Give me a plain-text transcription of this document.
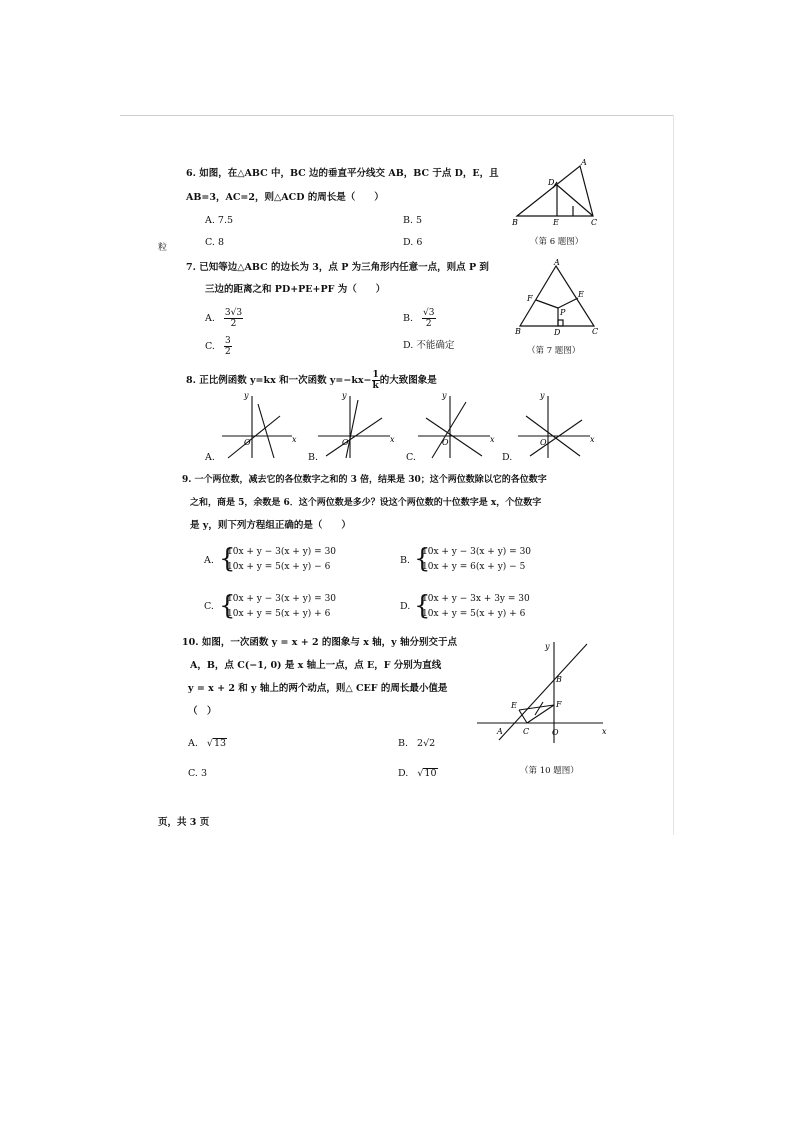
粒
6. 如图，在△ABC 中，BC 边的垂直平分线交 AB，BC 于点 D，E，且
AB=3，AC=2，则△ACD 的周长是（　　）
A. 7.5	B. 5
C. 8	D. 6
A
D
B	E	C
（第 6 题图）
7. 已知等边△ABC 的边长为 3，点 P 为三角形内任意一点，则点 P 到
三边的距离之和 PD+PE+PF 为（　　）
A. $\frac{3√3}{2}$	B. $\frac{√3}{2}$
C. $\frac{3}{2}$	D. 不能确定
A
E
F
P
B	D	C
（第 7 题图）
8. 正比例函数 y=kx 和一次函数 $y=-kx- \frac{1}{k}$ 的大致图象是
y
x
O
y
x
O
y
x
O
y
x
O
A.	B.	C.	D.
9. 一个两位数，减去它的各位数字之和的 3 倍，结果是 30；这个两位数除以它的各位数字
之和，商是 5，余数是 6．这个两位数是多少？设这个两位数的十位数字是 x，个位数字
是 y，则下列方程组正确的是（　　）
A. {
10x + y − 3(x + y) = 30
10x + y = 5(x + y) − 6
B. {
10x + y − 3(x + y) = 30
10x + y = 6(x + y) − 5
C. {
10x + y − 3(x + y) = 30
10x + y = 5(x + y) + 6
D. {
10x + y − 3x + 3y = 30
10x + y = 5(x + y) + 6
10. 如图，一次函数 y = x + 2 的图象与 x 轴，y 轴分别交于点
A，B，点 C(−1, 0) 是 x 轴上一点，点 E，F 分别为直线
y = x + 2 和 y 轴上的两个动点，则△ CEF 的周长最小值是
（　）
A. √13	B. 2√2
C. 3	D. √10
y
x
B
E	F
A	C	O
（第 10 题图）
页，共 3 页
